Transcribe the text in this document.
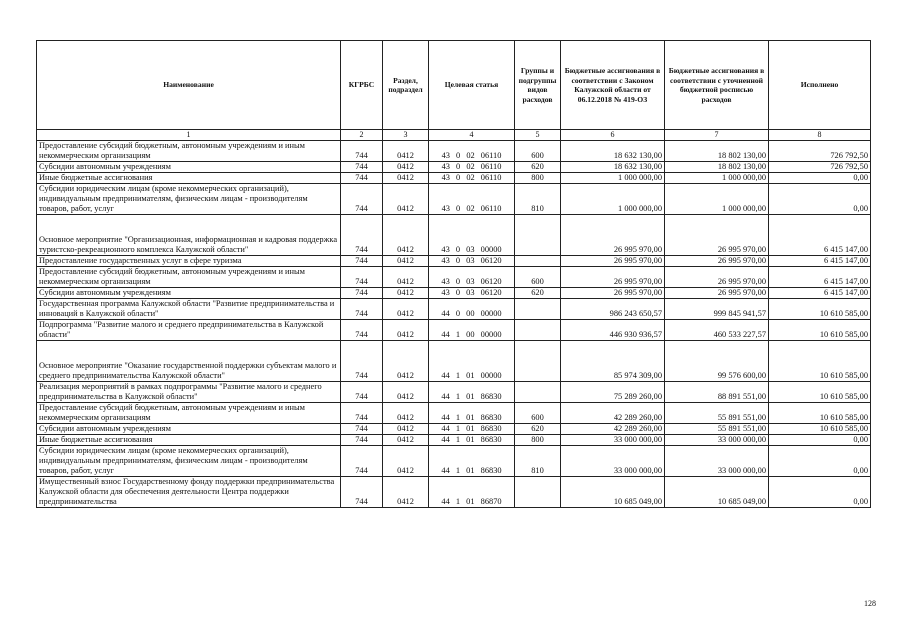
Наименование	КГРБС	Раздел, подраздел	Целевая статья	Группы и подгруппы видов расходов	Бюджетные ассигнования в соответствии с Законом Калужской области от 06.12.2018 № 419-ОЗ	Бюджетные ассигнования в соответствии с уточненной бюджетной росписью расходов	Исполнено
1	2	3	4	5	6	7	8
Предоставление субсидий бюджетным, автономным учреждениям и иным некоммерческим организациям	744	0412	43 0 02 06110	600	18 632 130,00	18 802 130,00	726 792,50
Субсидии автономным учреждениям	744	0412	43 0 02 06110	620	18 632 130,00	18 802 130,00	726 792,50
Иные бюджетные ассигнования	744	0412	43 0 02 06110	800	1 000 000,00	1 000 000,00	0,00
Субсидии юридическим лицам (кроме некоммерческих организаций), индивидуальным предпринимателям, физическим лицам - производителям товаров, работ, услуг	744	0412	43 0 02 06110	810	1 000 000,00	1 000 000,00	0,00
Основное мероприятие "Организационная, информационная и кадровая поддержка туристско-рекреационного комплекса Калужской области"	744	0412	43 0 03 00000		26 995 970,00	26 995 970,00	6 415 147,00
Предоставление государственных услуг в сфере туризма	744	0412	43 0 03 06120		26 995 970,00	26 995 970,00	6 415 147,00
Предоставление субсидий бюджетным, автономным учреждениям и иным некоммерческим организациям	744	0412	43 0 03 06120	600	26 995 970,00	26 995 970,00	6 415 147,00
Субсидии автономным учреждениям	744	0412	43 0 03 06120	620	26 995 970,00	26 995 970,00	6 415 147,00
Государственная программа Калужской области "Развитие предпринимательства и инноваций в Калужской области"	744	0412	44 0 00 00000		986 243 650,57	999 845 941,57	10 610 585,00
Подпрограмма "Развитие малого и среднего предпринимательства в Калужской области"	744	0412	44 1 00 00000		446 930 936,57	460 533 227,57	10 610 585,00
Основное мероприятие "Оказание государственной поддержки субъектам малого и среднего предпринимательства Калужской области"	744	0412	44 1 01 00000		85 974 309,00	99 576 600,00	10 610 585,00
Реализация мероприятий в рамках подпрограммы "Развитие малого и среднего предпринимательства в Калужской области"	744	0412	44 1 01 86830		75 289 260,00	88 891 551,00	10 610 585,00
Предоставление субсидий бюджетным, автономным учреждениям и иным некоммерческим организациям	744	0412	44 1 01 86830	600	42 289 260,00	55 891 551,00	10 610 585,00
Субсидии автономным учреждениям	744	0412	44 1 01 86830	620	42 289 260,00	55 891 551,00	10 610 585,00
Иные бюджетные ассигнования	744	0412	44 1 01 86830	800	33 000 000,00	33 000 000,00	0,00
Субсидии юридическим лицам (кроме некоммерческих организаций), индивидуальным предпринимателям, физическим лицам - производителям товаров, работ, услуг	744	0412	44 1 01 86830	810	33 000 000,00	33 000 000,00	0,00
Имущественный взнос Государственному фонду поддержки предпринимательства Калужской области для обеспечения деятельности Центра поддержки предпринимательства	744	0412	44 1 01 86870		10 685 049,00	10 685 049,00	0,00
128
